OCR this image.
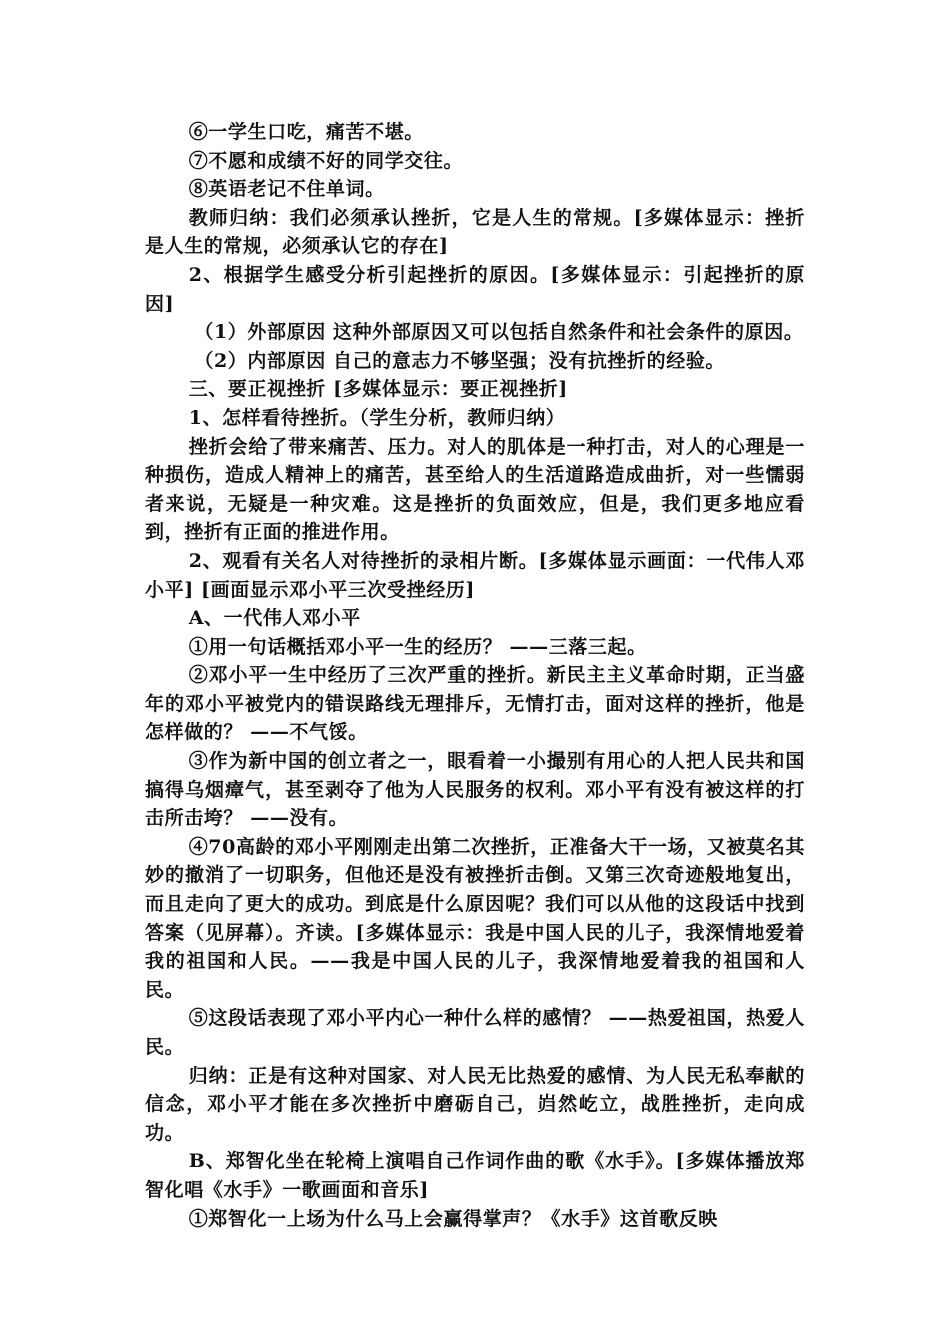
⑥一学生口吃，痛苦不堪。

⑦不愿和成绩不好的同学交往。

⑧英语老记不住单词。

教师归纳：我们必须承认挫折，它是人生的常规。[多媒体显示：挫折是人生的常规，必须承认它的存在]

2、根据学生感受分析引起挫折的原因。[多媒体显示：引起挫折的原因]

（1）外部原因 这种外部原因又可以包括自然条件和社会条件的原因。

（2）内部原因 自己的意志力不够坚强；没有抗挫折的经验。

三、要正视挫折 [多媒体显示：要正视挫折]

1、怎样看待挫折。（学生分析，教师归纳）

挫折会给了带来痛苦、压力。对人的肌体是一种打击，对人的心理是一种损伤，造成人精神上的痛苦，甚至给人的生活道路造成曲折，对一些懦弱者来说，无疑是一种灾难。这是挫折的负面效应，但是，我们更多地应看到，挫折有正面的推进作用。

2、观看有关名人对待挫折的录相片断。[多媒体显示画面：一代伟人邓小平] [画面显示邓小平三次受挫经历]

A、一代伟人邓小平

①用一句话概括邓小平一生的经历？ ——三落三起。

②邓小平一生中经历了三次严重的挫折。新民主主义革命时期，正当盛年的邓小平被党内的错误路线无理排斥，无情打击，面对这样的挫折，他是怎样做的？ ——不气馁。

③作为新中国的创立者之一，眼看着一小撮别有用心的人把人民共和国搞得乌烟瘴气，甚至剥夺了他为人民服务的权利。邓小平有没有被这样的打击所击垮？ ——没有。

④70高龄的邓小平刚刚走出第二次挫折，正准备大干一场，又被莫名其妙的撤消了一切职务，但他还是没有被挫折击倒。又第三次奇迹般地复出，而且走向了更大的成功。到底是什么原因呢？我们可以从他的这段话中找到答案（见屏幕）。齐读。[多媒体显示：我是中国人民的儿子，我深情地爱着我的祖国和人民。——我是中国人民的儿子，我深情地爱着我的祖国和人民。

⑤这段话表现了邓小平内心一种什么样的感情？ ——热爱祖国，热爱人民。

归纳：正是有这种对国家、对人民无比热爱的感情、为人民无私奉献的信念，邓小平才能在多次挫折中磨砺自己，岿然屹立，战胜挫折，走向成功。

B、郑智化坐在轮椅上演唱自己作词作曲的歌《水手》。[多媒体播放郑智化唱《水手》一歌画面和音乐]

①郑智化一上场为什么马上会赢得掌声？《水手》这首歌反映
